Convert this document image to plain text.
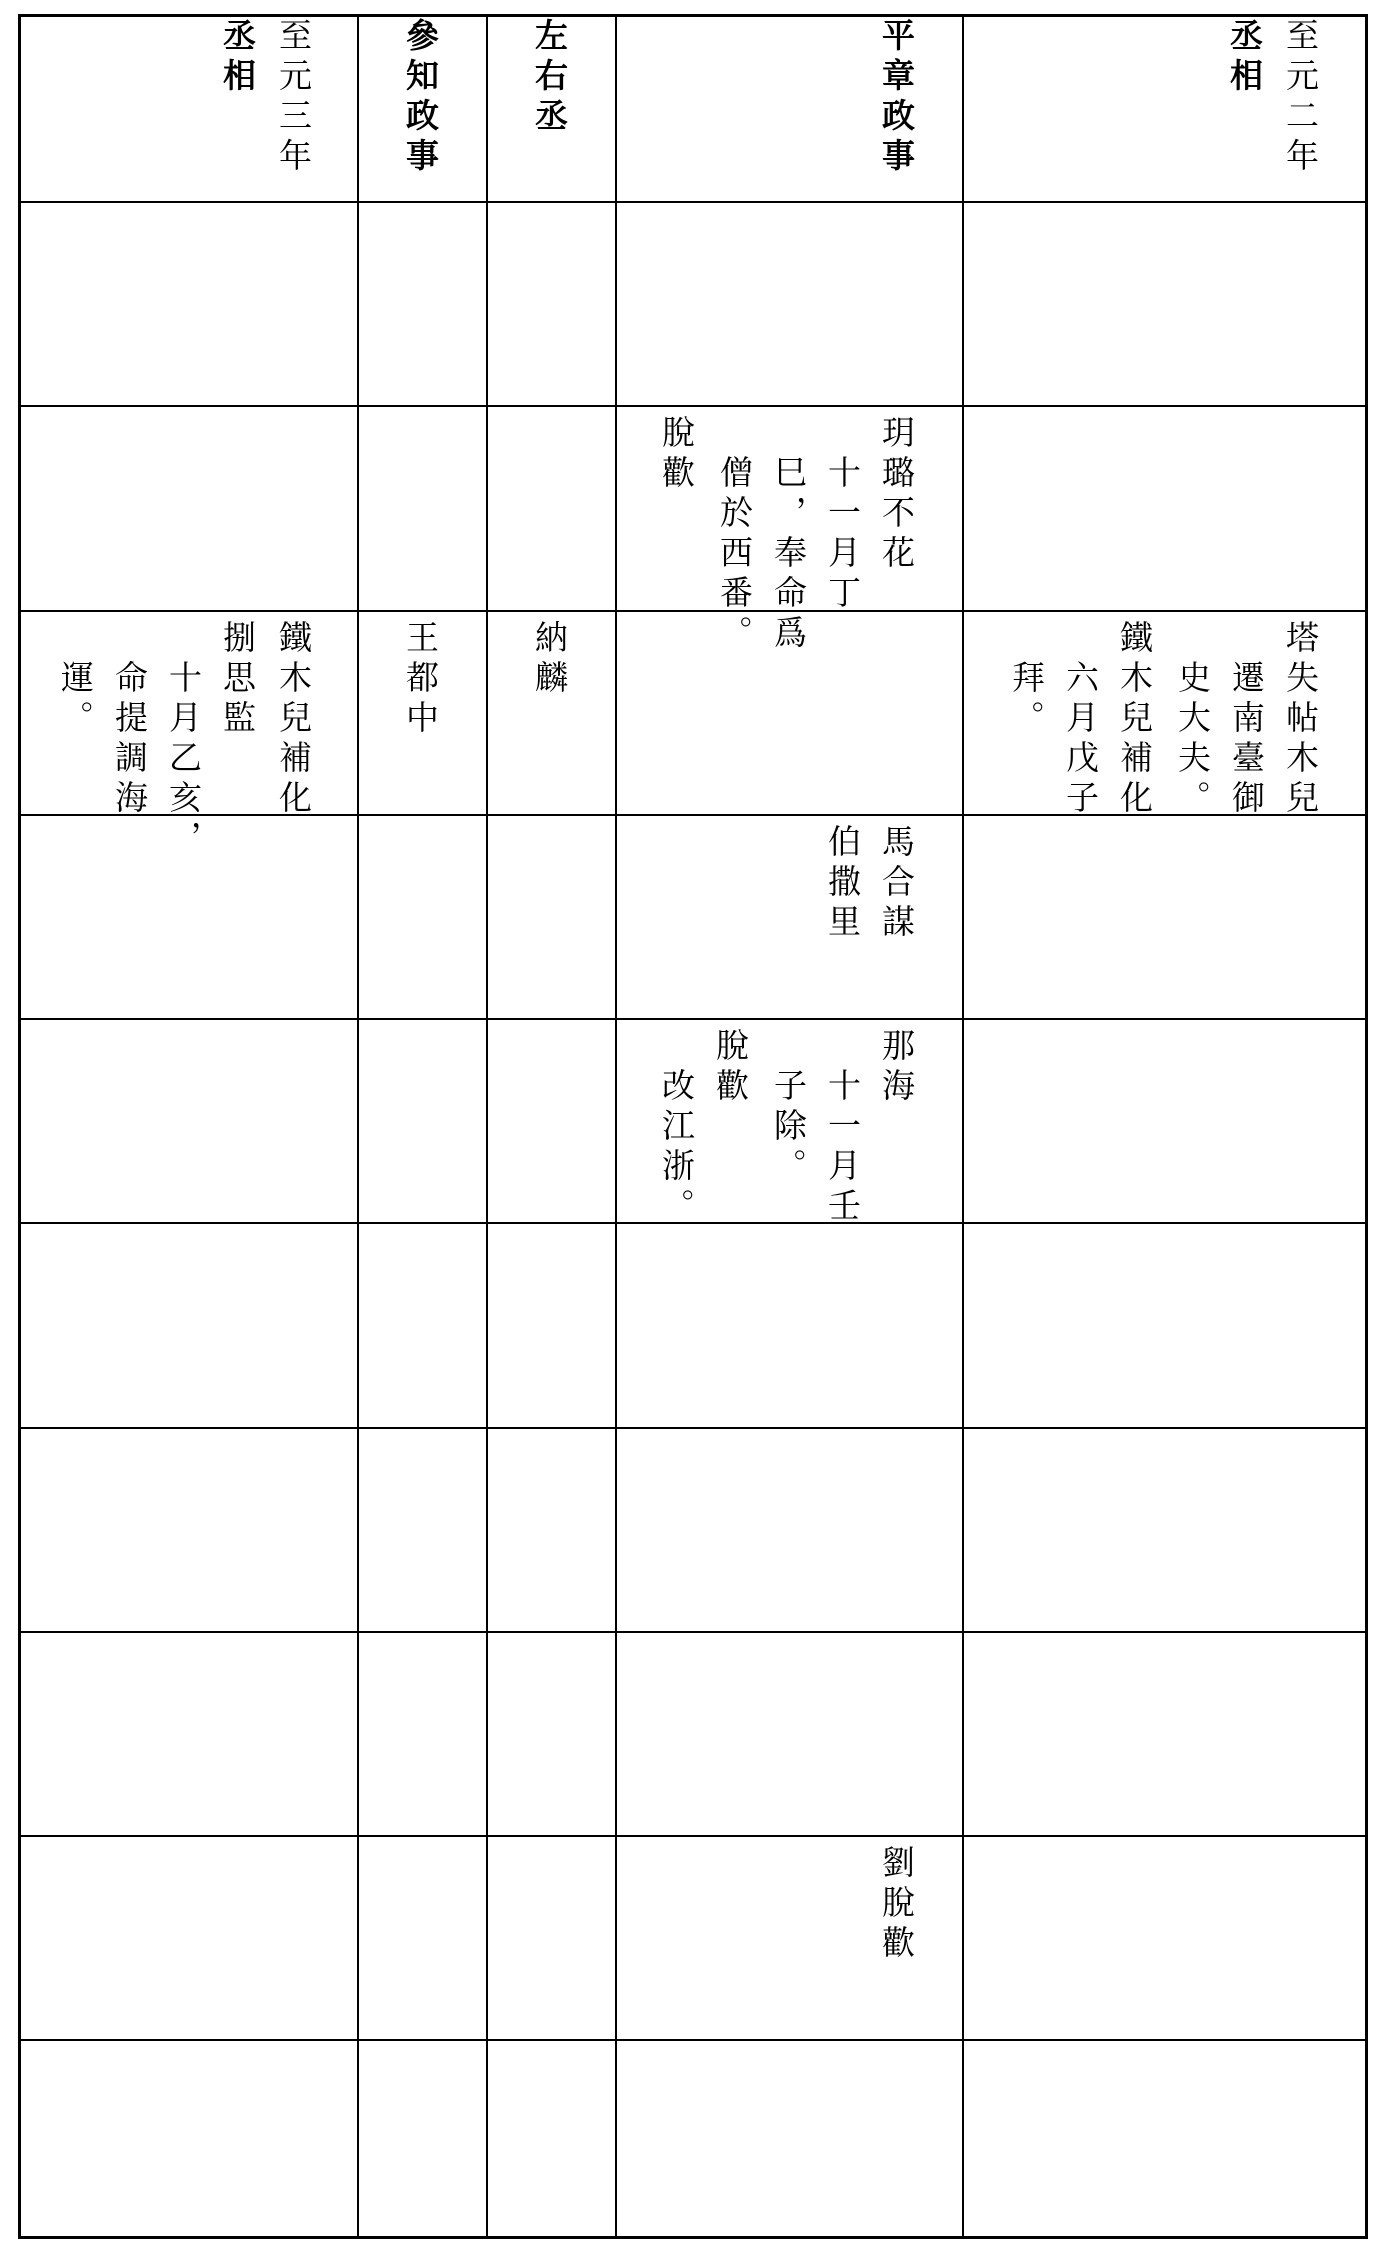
至元二年
丞相
平章政事
左右丞
參知政事
至元三年
丞相
玥璐不花
十一月丁
巳，奉命爲
僧於西番。
脫歡
塔失帖木兒
遷南臺御
史大夫。
鐵木兒補化
六月戊子
拜。
納麟
王都中
鐵木兒補化
捌思監
十月乙亥，
命提調海
運。
馬合謀
伯撒里
那海
十一月壬
子除。
脫歡
改江浙。
劉脫歡
